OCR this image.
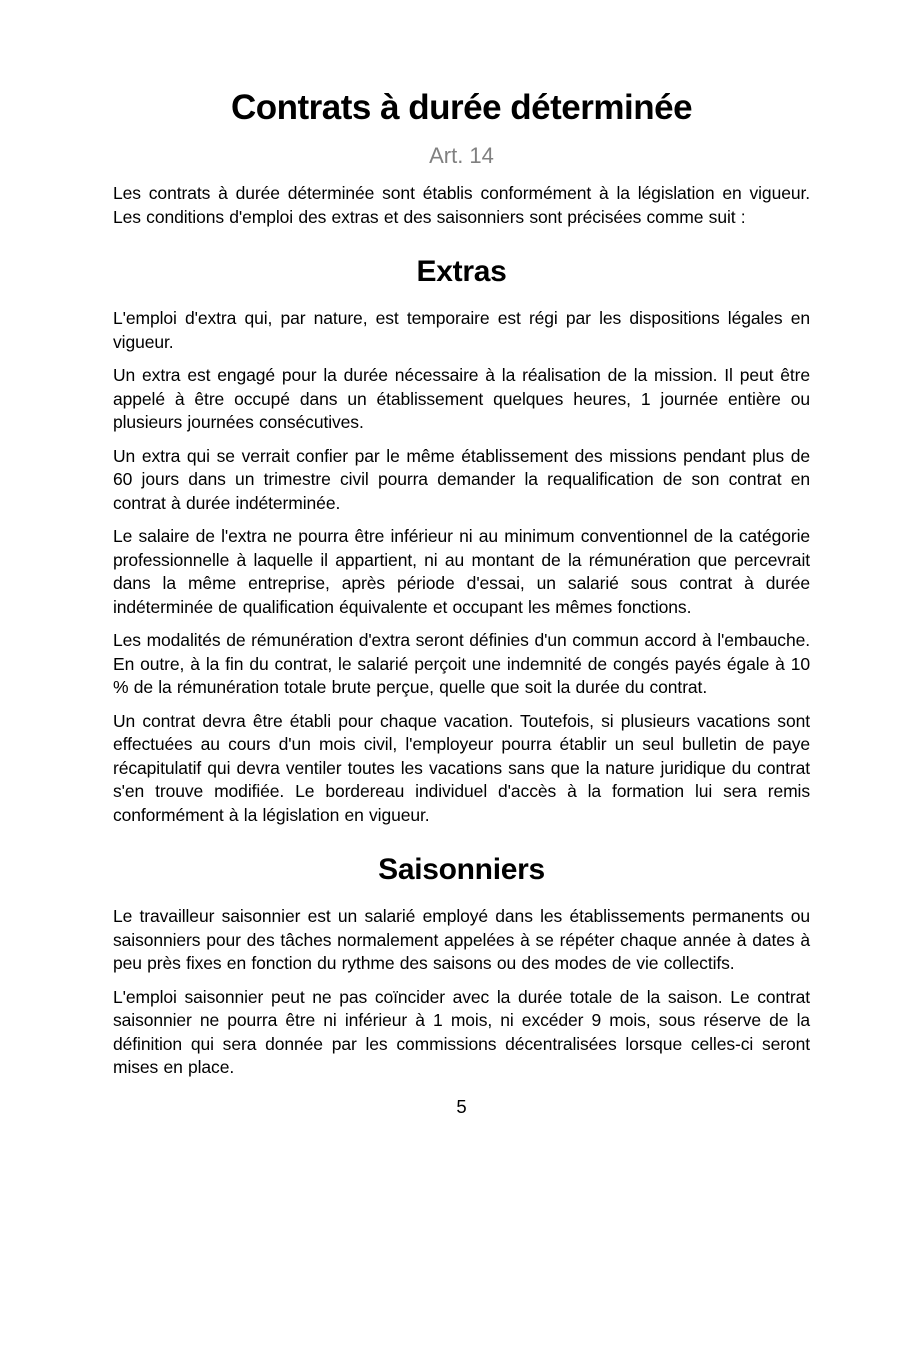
Contrats à durée déterminée
Art. 14

Les contrats à durée déterminée sont établis conformément à la législation en vigueur. Les conditions d'emploi des extras et des saisonniers sont précisées comme suit :

Extras

L'emploi d'extra qui, par nature, est temporaire est régi par les dispositions légales en vigueur.

Un extra est engagé pour la durée nécessaire à la réalisation de la mission. Il peut être appelé à être occupé dans un établissement quelques heures, 1 journée entière ou plusieurs journées consécutives.

Un extra qui se verrait confier par le même établissement des missions pendant plus de 60 jours dans un trimestre civil pourra demander la requalification de son contrat en contrat à durée indéterminée.

Le salaire de l'extra ne pourra être inférieur ni au minimum conventionnel de la catégorie professionnelle à laquelle il appartient, ni au montant de la rémunération que percevrait dans la même entreprise, après période d'essai, un salarié sous contrat à durée indéterminée de qualification équivalente et occupant les mêmes fonctions.

Les modalités de rémunération d'extra seront définies d'un commun accord à l'embauche. En outre, à la fin du contrat, le salarié perçoit une indemnité de congés payés égale à 10 % de la rémunération totale brute perçue, quelle que soit la durée du contrat.

Un contrat devra être établi pour chaque vacation. Toutefois, si plusieurs vacations sont effectuées au cours d'un mois civil, l'employeur pourra établir un seul bulletin de paye récapitulatif qui devra ventiler toutes les vacations sans que la nature juridique du contrat s'en trouve modifiée. Le bordereau individuel d'accès à la formation lui sera remis conformément à la législation en vigueur.

Saisonniers

Le travailleur saisonnier est un salarié employé dans les établissements permanents ou saisonniers pour des tâches normalement appelées à se répéter chaque année à dates à peu près fixes en fonction du rythme des saisons ou des modes de vie collectifs.

L'emploi saisonnier peut ne pas coïncider avec la durée totale de la saison. Le contrat saisonnier ne pourra être ni inférieur à 1 mois, ni excéder 9 mois, sous réserve de la définition qui sera donnée par les commissions décentralisées lorsque celles-ci seront mises en place.

5
